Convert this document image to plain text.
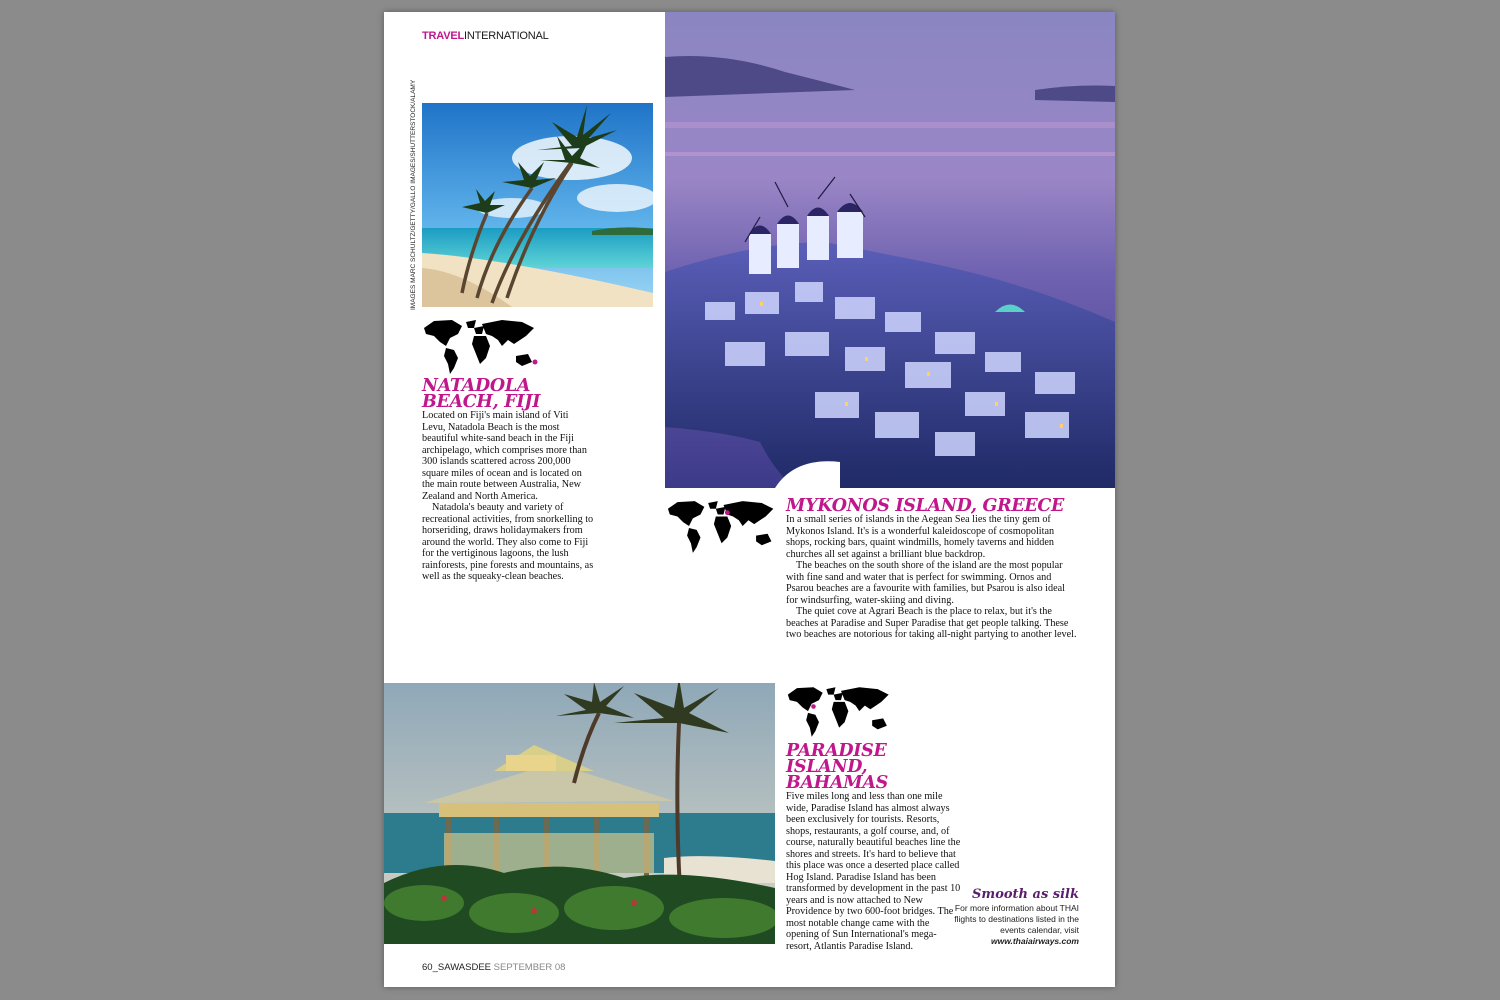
TRAVELINTERNATIONAL
IMAGES MARC SCHULTZ/GETTY/GALLO IMAGES/SHUTTERSTOCK/ALAMY
NATADOLA BEACH, FIJI

Located on Fiji's main island of Viti Levu, Natadola Beach is the most beautiful white-sand beach in the Fiji archipelago, which comprises more than 300 islands scattered across 200,000 square miles of ocean and is located on the main route between Australia, New Zealand and North America.

Natadola's beauty and variety of recreational activities, from snorkelling to horseriding, draws holidaymakers from around the world. They also come to Fiji for the vertiginous lagoons, the lush rainforests, pine forests and mountains, as well as the squeaky-clean beaches.

MYKONOS ISLAND, GREECE

In a small series of islands in the Aegean Sea lies the tiny gem of Mykonos Island. It's is a wonderful kaleidoscope of cosmopolitan shops, rocking bars, quaint windmills, homely taverns and hidden churches all set against a brilliant blue backdrop.

The beaches on the south shore of the island are the most popular with fine sand and water that is perfect for swimming. Ornos and Psarou beaches are a favourite with families, but Psarou is also ideal for windsurfing, water-skiing and diving.

The quiet cove at Agrari Beach is the place to relax, but it's the beaches at Paradise and Super Paradise that get people talking. These two beaches are notorious for taking all-night partying to another level.

PARADISE ISLAND, BAHAMAS

Five miles long and less than one mile wide, Paradise Island has almost always been exclusively for tourists. Resorts, shops, restaurants, a golf course, and, of course, naturally beautiful beaches line the shores and streets. It's hard to believe that this place was once a deserted place called Hog Island. Paradise Island has been transformed by development in the past 10 years and is now attached to New Providence by two 600-foot bridges. The most notable change came with the opening of Sun International's mega-resort, Atlantis Paradise Island.

Smooth as silk
For more information about THAI flights to destinations listed in the events calendar, visit www.thaiairways.com
60_SAWASDEE SEPTEMBER 08
